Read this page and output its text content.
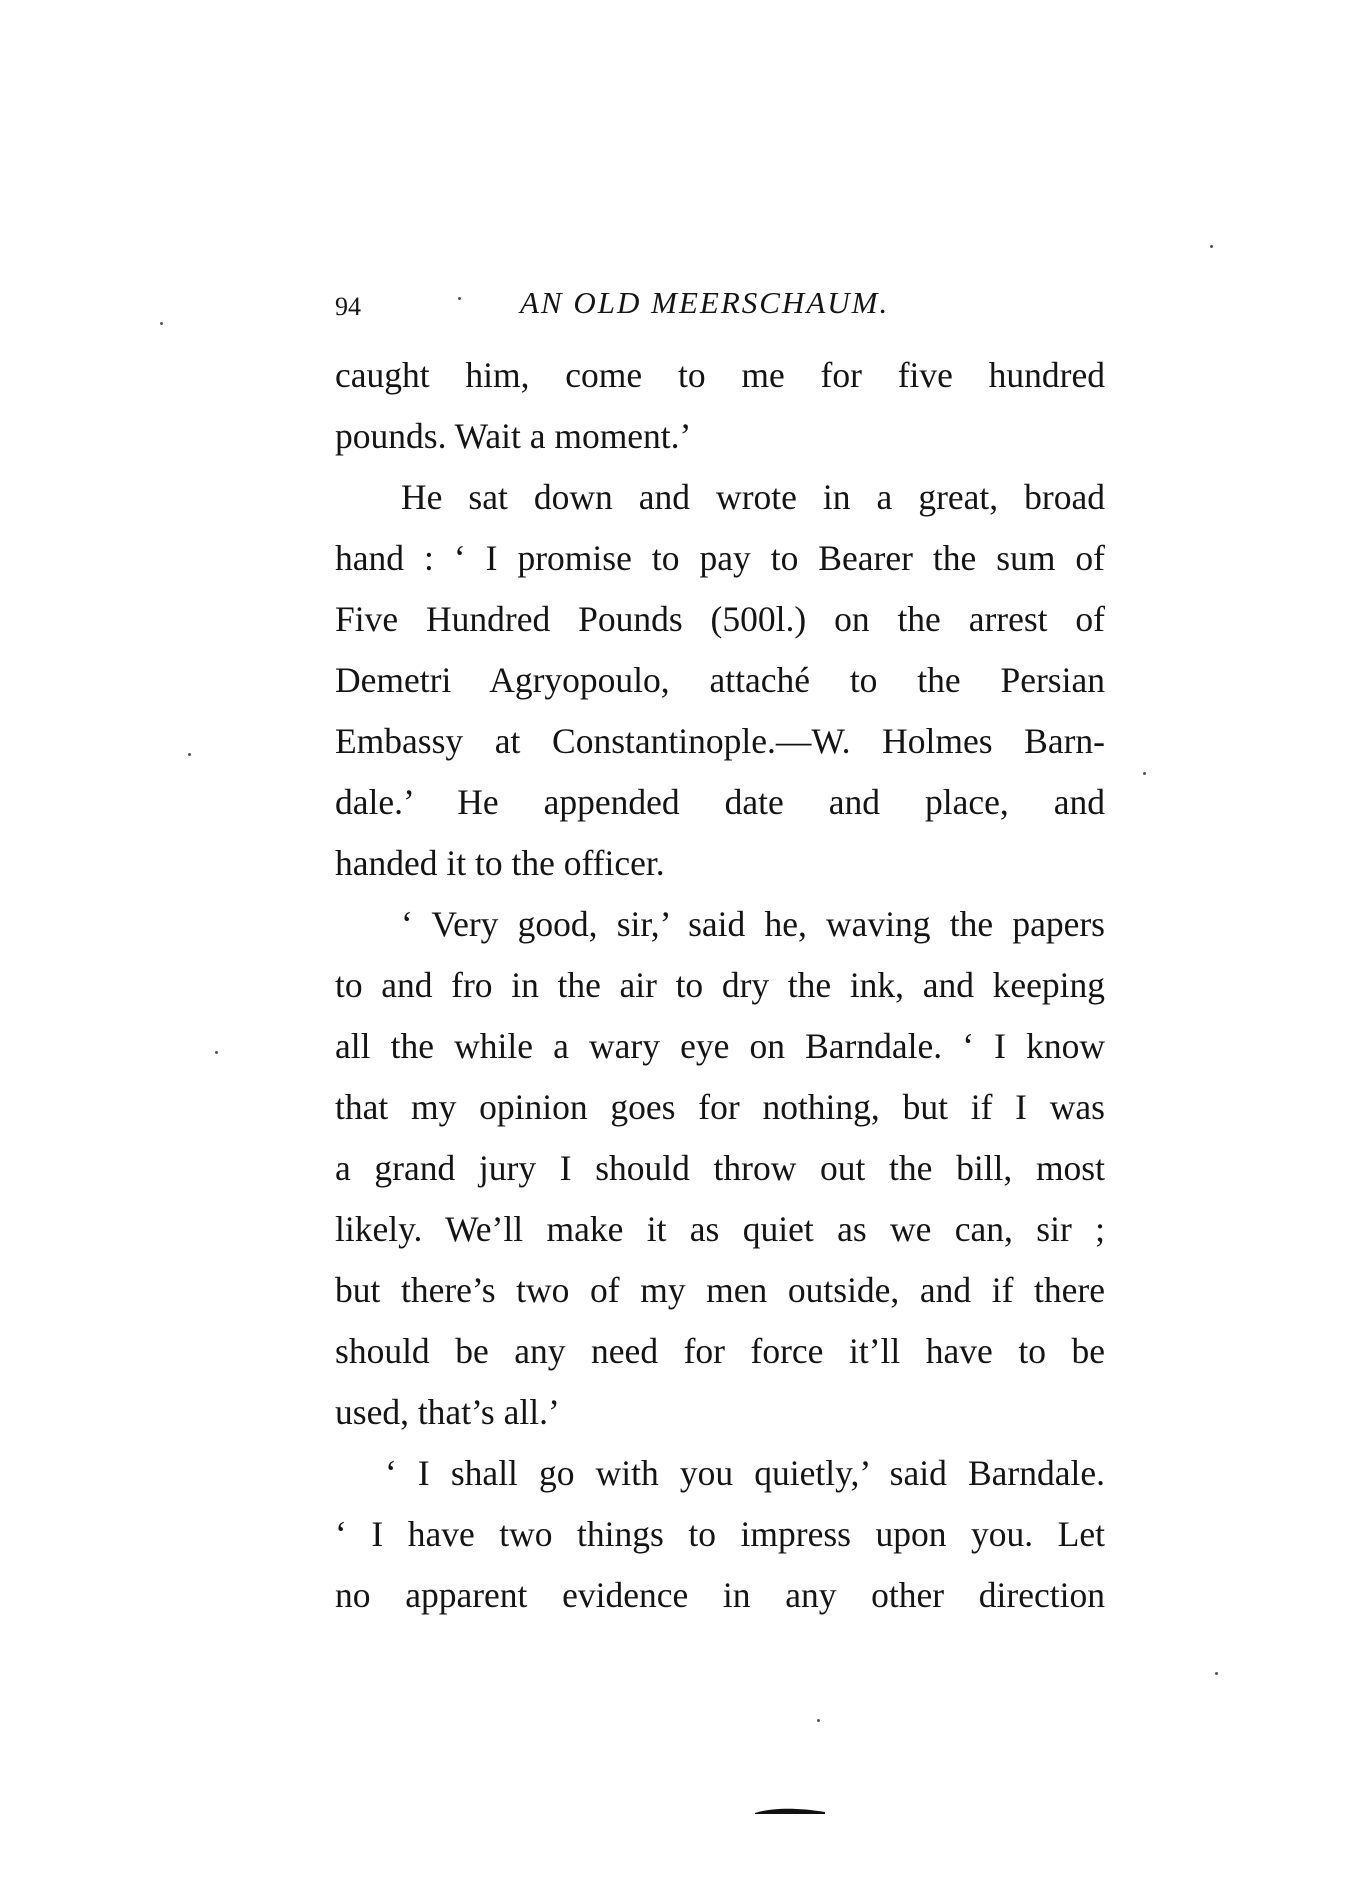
94	AN OLD MEERSCHAUM.
caught him, come to me for five hundred
pounds. Wait a moment.’
He sat down and wrote in a great, broad
hand : ‘ I promise to pay to Bearer the sum of
Five Hundred Pounds (500l.) on the arrest of
Demetri Agryopoulo, attaché to the Persian
Embassy at Constantinople.—W. Holmes Barn-
dale.’ He appended date and place, and
handed it to the officer.
‘ Very good, sir,’ said he, waving the papers
to and fro in the air to dry the ink, and keeping
all the while a wary eye on Barndale. ‘ I know
that my opinion goes for nothing, but if I was
a grand jury I should throw out the bill, most
likely. We’ll make it as quiet as we can, sir ;
but there’s two of my men outside, and if there
should be any need for force it’ll have to be
used, that’s all.’
‘ I shall go with you quietly,’ said Barndale.
‘ I have two things to impress upon you. Let
no apparent evidence in any other direction
